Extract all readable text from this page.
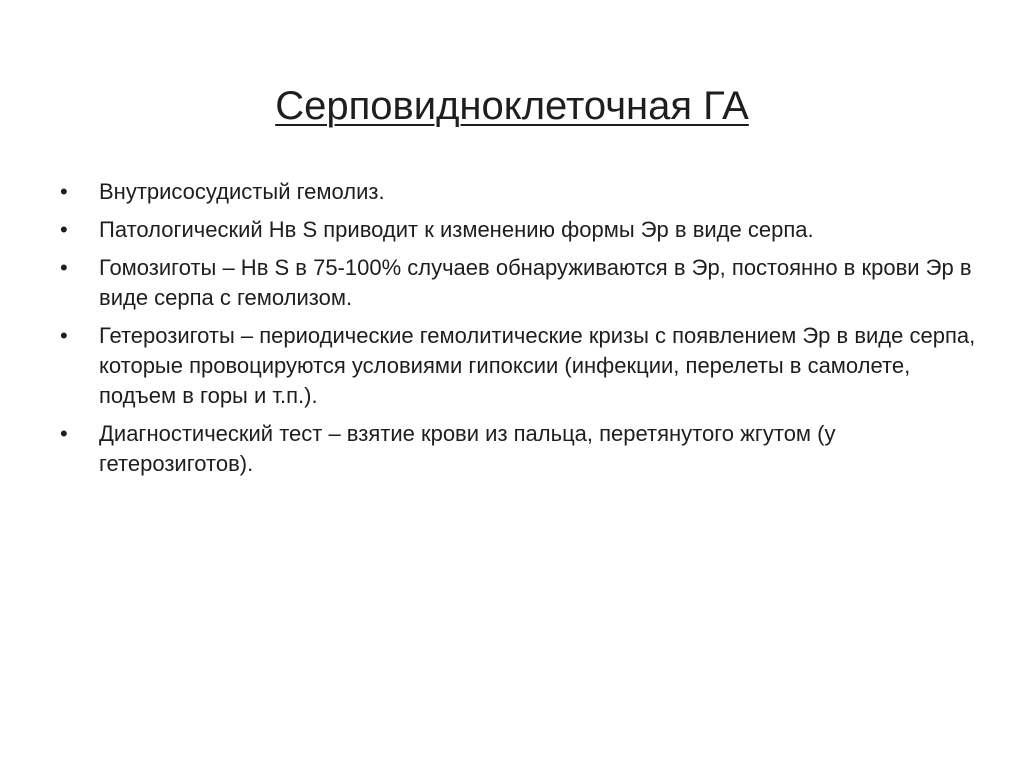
Серповидноклеточная ГА
•	Внутрисосудистый гемолиз.
•	Патологический Нв S приводит к изменению формы Эр в виде серпа.
•	Гомозиготы – Нв S в 75-100% случаев обнаруживаются в Эр, постоянно в крови Эр в виде серпа с гемолизом.
•	Гетерозиготы – периодические гемолитические кризы с появлением Эр в виде серпа, которые провоцируются условиями гипоксии (инфекции, перелеты в самолете, подъем в горы и т.п.).
•	Диагностический тест – взятие крови из пальца, перетянутого жгутом (у гетерозиготов).
